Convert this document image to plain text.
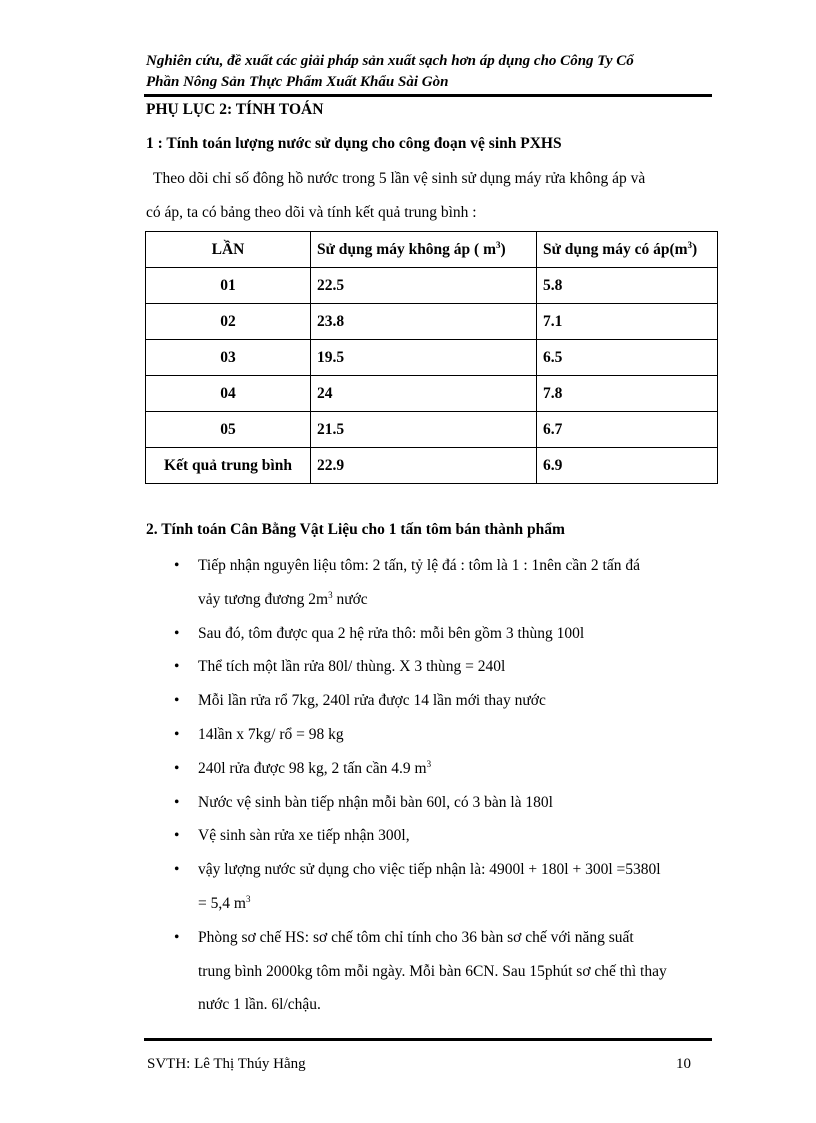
Nghiên cứu, đề xuất các giải pháp sản xuất sạch hơn áp dụng cho Công Ty Cổ
Phần Nông Sản Thực Phẩm Xuất Khẩu Sài Gòn
PHỤ LỤC 2: TÍNH TOÁN
1 : Tính toán lượng nước sử dụng cho công đoạn vệ sinh PXHS
Theo dõi chỉ số đông hồ nước trong 5 lần vệ sinh sử dụng máy rửa không áp và
có áp, ta có bảng theo dõi và tính kết quả trung bình :
LẦN	Sử dụng máy không áp ( $m^3$)	Sử dụng máy có $áp(m^3)$
01	22.5	5.8
02	23.8	7.1
03	19.5	6.5
04	24	7.8
05	21.5	6.7
Kết quả trung bình	22.9	6.9
2. Tính toán Cân Bằng Vật Liệu cho 1 tấn tôm bán thành phẩm
• Tiếp nhận nguyên liệu tôm: 2 tấn, tỷ lệ đá : tôm là 1 : 1nên cần 2 tấn đá
vảy tương đương $2m^3$ nước
• Sau đó, tôm được qua 2 hệ rửa thô: mỗi bên gồm 3 thùng 100l
• Thể tích một lần rửa 80l/ thùng. X 3 thùng = 240l
• Mỗi lần rửa rổ 7kg, 240l rửa được 14 lần mới thay nước
• 14lần x 7kg/ rổ = 98 kg
• 240l rửa được 98 kg, 2 tấn cần 4.9 $m^3$
• Nước vệ sinh bàn tiếp nhận mỗi bàn 60l, có 3 bàn là 180l
• Vệ sinh sàn rửa xe tiếp nhận 300l,
• vậy lượng nước sử dụng cho việc tiếp nhận là: 4900l + 180l + 300l =5380l
= 5,4 $m^3$
• Phòng sơ chế HS: sơ chế tôm chỉ tính cho 36 bàn sơ chế với năng suất
trung bình 2000kg tôm mỗi ngày. Mỗi bàn 6CN. Sau 15phút sơ chế thì thay
nước 1 lần. 6l/chậu.
SVTH: Lê Thị Thúy Hằng	10
